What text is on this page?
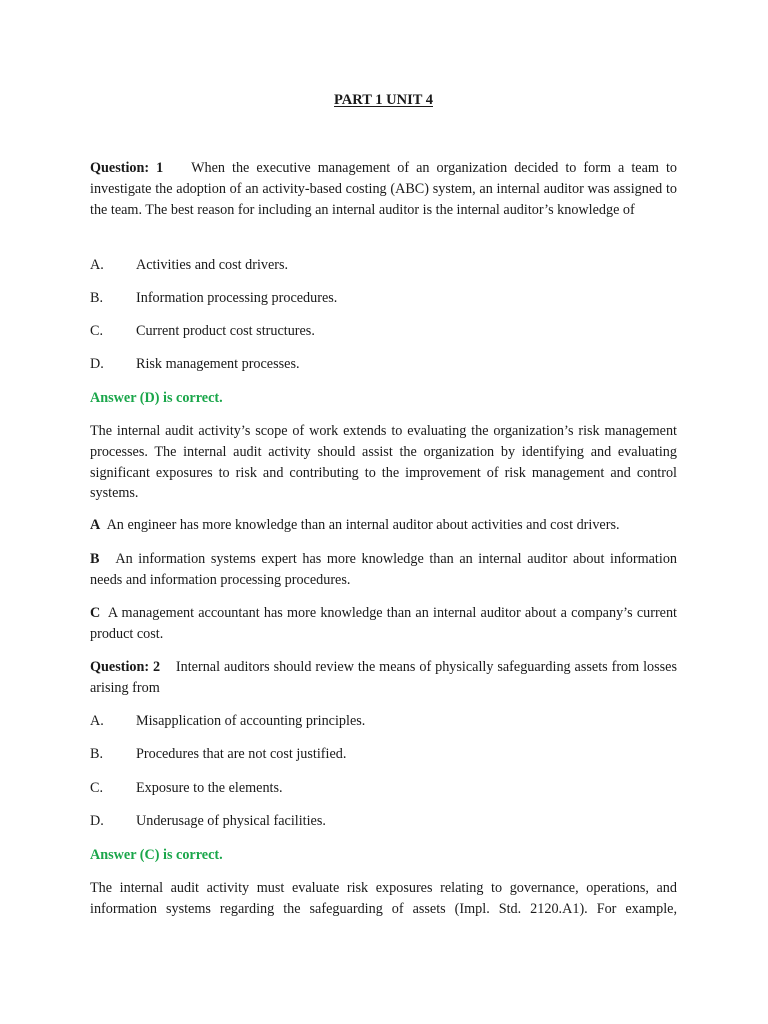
PART 1 UNIT 4
Question: 1 When the executive management of an organization decided to form a team to investigate the adoption of an activity-based costing (ABC) system, an internal auditor was assigned to the team. The best reason for including an internal auditor is the internal auditor’s knowledge of
A. Activities and cost drivers.
B. Information processing procedures.
C. Current product cost structures.
D. Risk management processes.
Answer (D) is correct.
The internal audit activity’s scope of work extends to evaluating the organization’s risk management processes. The internal audit activity should assist the organization by identifying and evaluating significant exposures to risk and contributing to the improvement of risk management and control systems.
A An engineer has more knowledge than an internal auditor about activities and cost drivers.
B An information systems expert has more knowledge than an internal auditor about information needs and information processing procedures.
C A management accountant has more knowledge than an internal auditor about a company’s current product cost.
Question: 2 Internal auditors should review the means of physically safeguarding assets from losses arising from
A. Misapplication of accounting principles.
B. Procedures that are not cost justified.
C. Exposure to the elements.
D. Underusage of physical facilities.
Answer (C) is correct.
The internal audit activity must evaluate risk exposures relating to governance, operations, and information systems regarding the safeguarding of assets (Impl. Std. 2120.A1). For example,
